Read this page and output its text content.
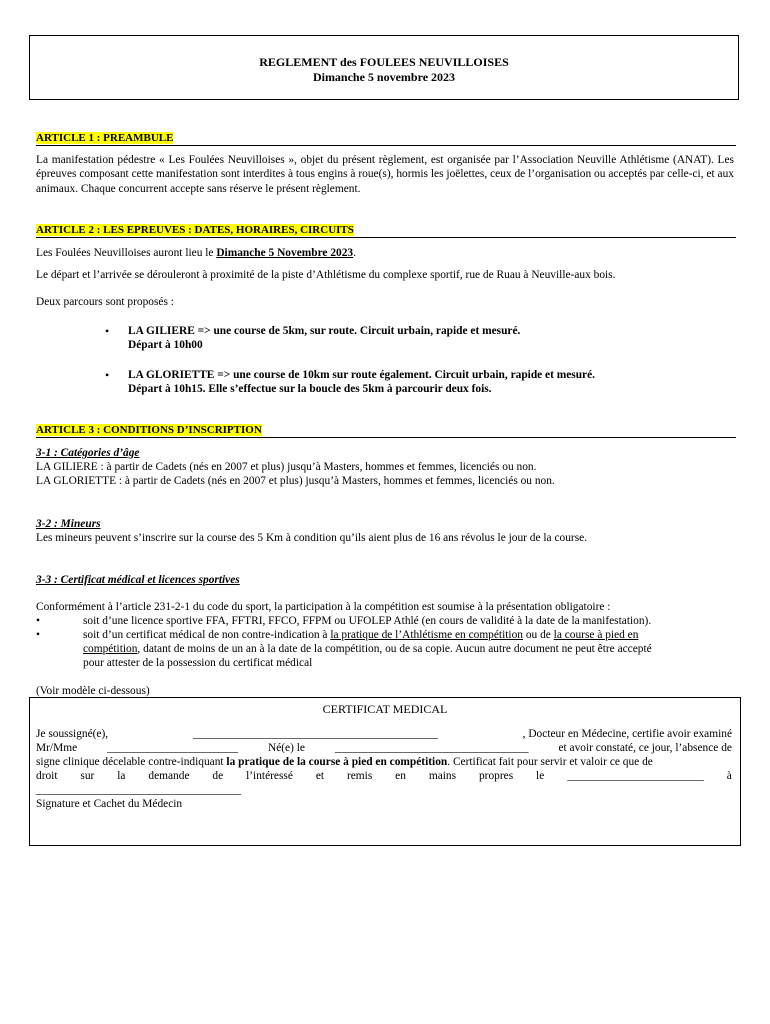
REGLEMENT des FOULEES NEUVILLOISES
Dimanche 5 novembre 2023
ARTICLE 1 : PREAMBULE
La manifestation pédestre « Les Foulées Neuvilloises », objet du présent règlement, est organisée par l’Association Neuville Athlétisme (ANAT). Les épreuves composant cette manifestation sont interdites à tous engins à roue(s), hormis les joëlettes, ceux de l’organisation ou acceptés par celle-ci, et aux animaux. Chaque concurrent accepte sans réserve le présent règlement.
ARTICLE 2 : LES EPREUVES : DATES, HORAIRES, CIRCUITS
Les Foulées Neuvilloises auront lieu le Dimanche 5 Novembre 2023.
Le départ et l’arrivée se dérouleront à proximité de la piste d’Athlétisme du complexe sportif, rue de Ruau à Neuville-aux bois.
Deux parcours sont proposés :
• LA GILIERE => une course de 5km, sur route. Circuit urbain, rapide et mesuré.
Départ à 10h00
• LA GLORIETTE => une course de 10km sur route également. Circuit urbain, rapide et mesuré.
Départ à 10h15. Elle s’effectue sur la boucle des 5km à parcourir deux fois.
ARTICLE 3 : CONDITIONS D’INSCRIPTION
3-1 : Catégories d’âge
LA GILIERE : à partir de Cadets (nés en 2007 et plus) jusqu’à Masters, hommes et femmes, licenciés ou non.
LA GLORIETTE : à partir de Cadets (nés en 2007 et plus) jusqu’à Masters, hommes et femmes, licenciés ou non.
3-2 : Mineurs
Les mineurs peuvent s’inscrire sur la course des 5 Km à condition qu’ils aient plus de 16 ans révolus le jour de la course.
3-3 : Certificat médical et licences sportives
Conformément à l’article 231-2-1 du code du sport, la participation à la compétition est soumise à la présentation obligatoire :
•	soit d’une licence sportive FFA, FFTRI, FFCO, FFPM ou UFOLEP Athlé (en cours de validité à la date de la manifestation).
•	soit d’un certificat médical de non contre-indication à la pratique de l’Athlétisme en compétition ou de la course à pied en
compétition, datant de moins de un an à la date de la compétition, ou de sa copie. Aucun autre document ne peut être accepté
pour attester de la possession du certificat médical
(Voir modèle ci-dessous)
CERTIFICAT MEDICAL
Je soussigné(e),	___________________________________________	, Docteur en Médecine, certifie avoir examiné
Mr/Mme	_______________________	Né(e) le	__________________________________	et avoir constaté, ce jour, l’absence de
signe clinique décelable contre-indiquant la pratique de la course à pied en compétition. Certificat fait pour servir et valoir ce que de
droit sur la demande de l’intéressé et remis en mains propres le ________________________ à
____________________________________
Signature et Cachet du Médecin
